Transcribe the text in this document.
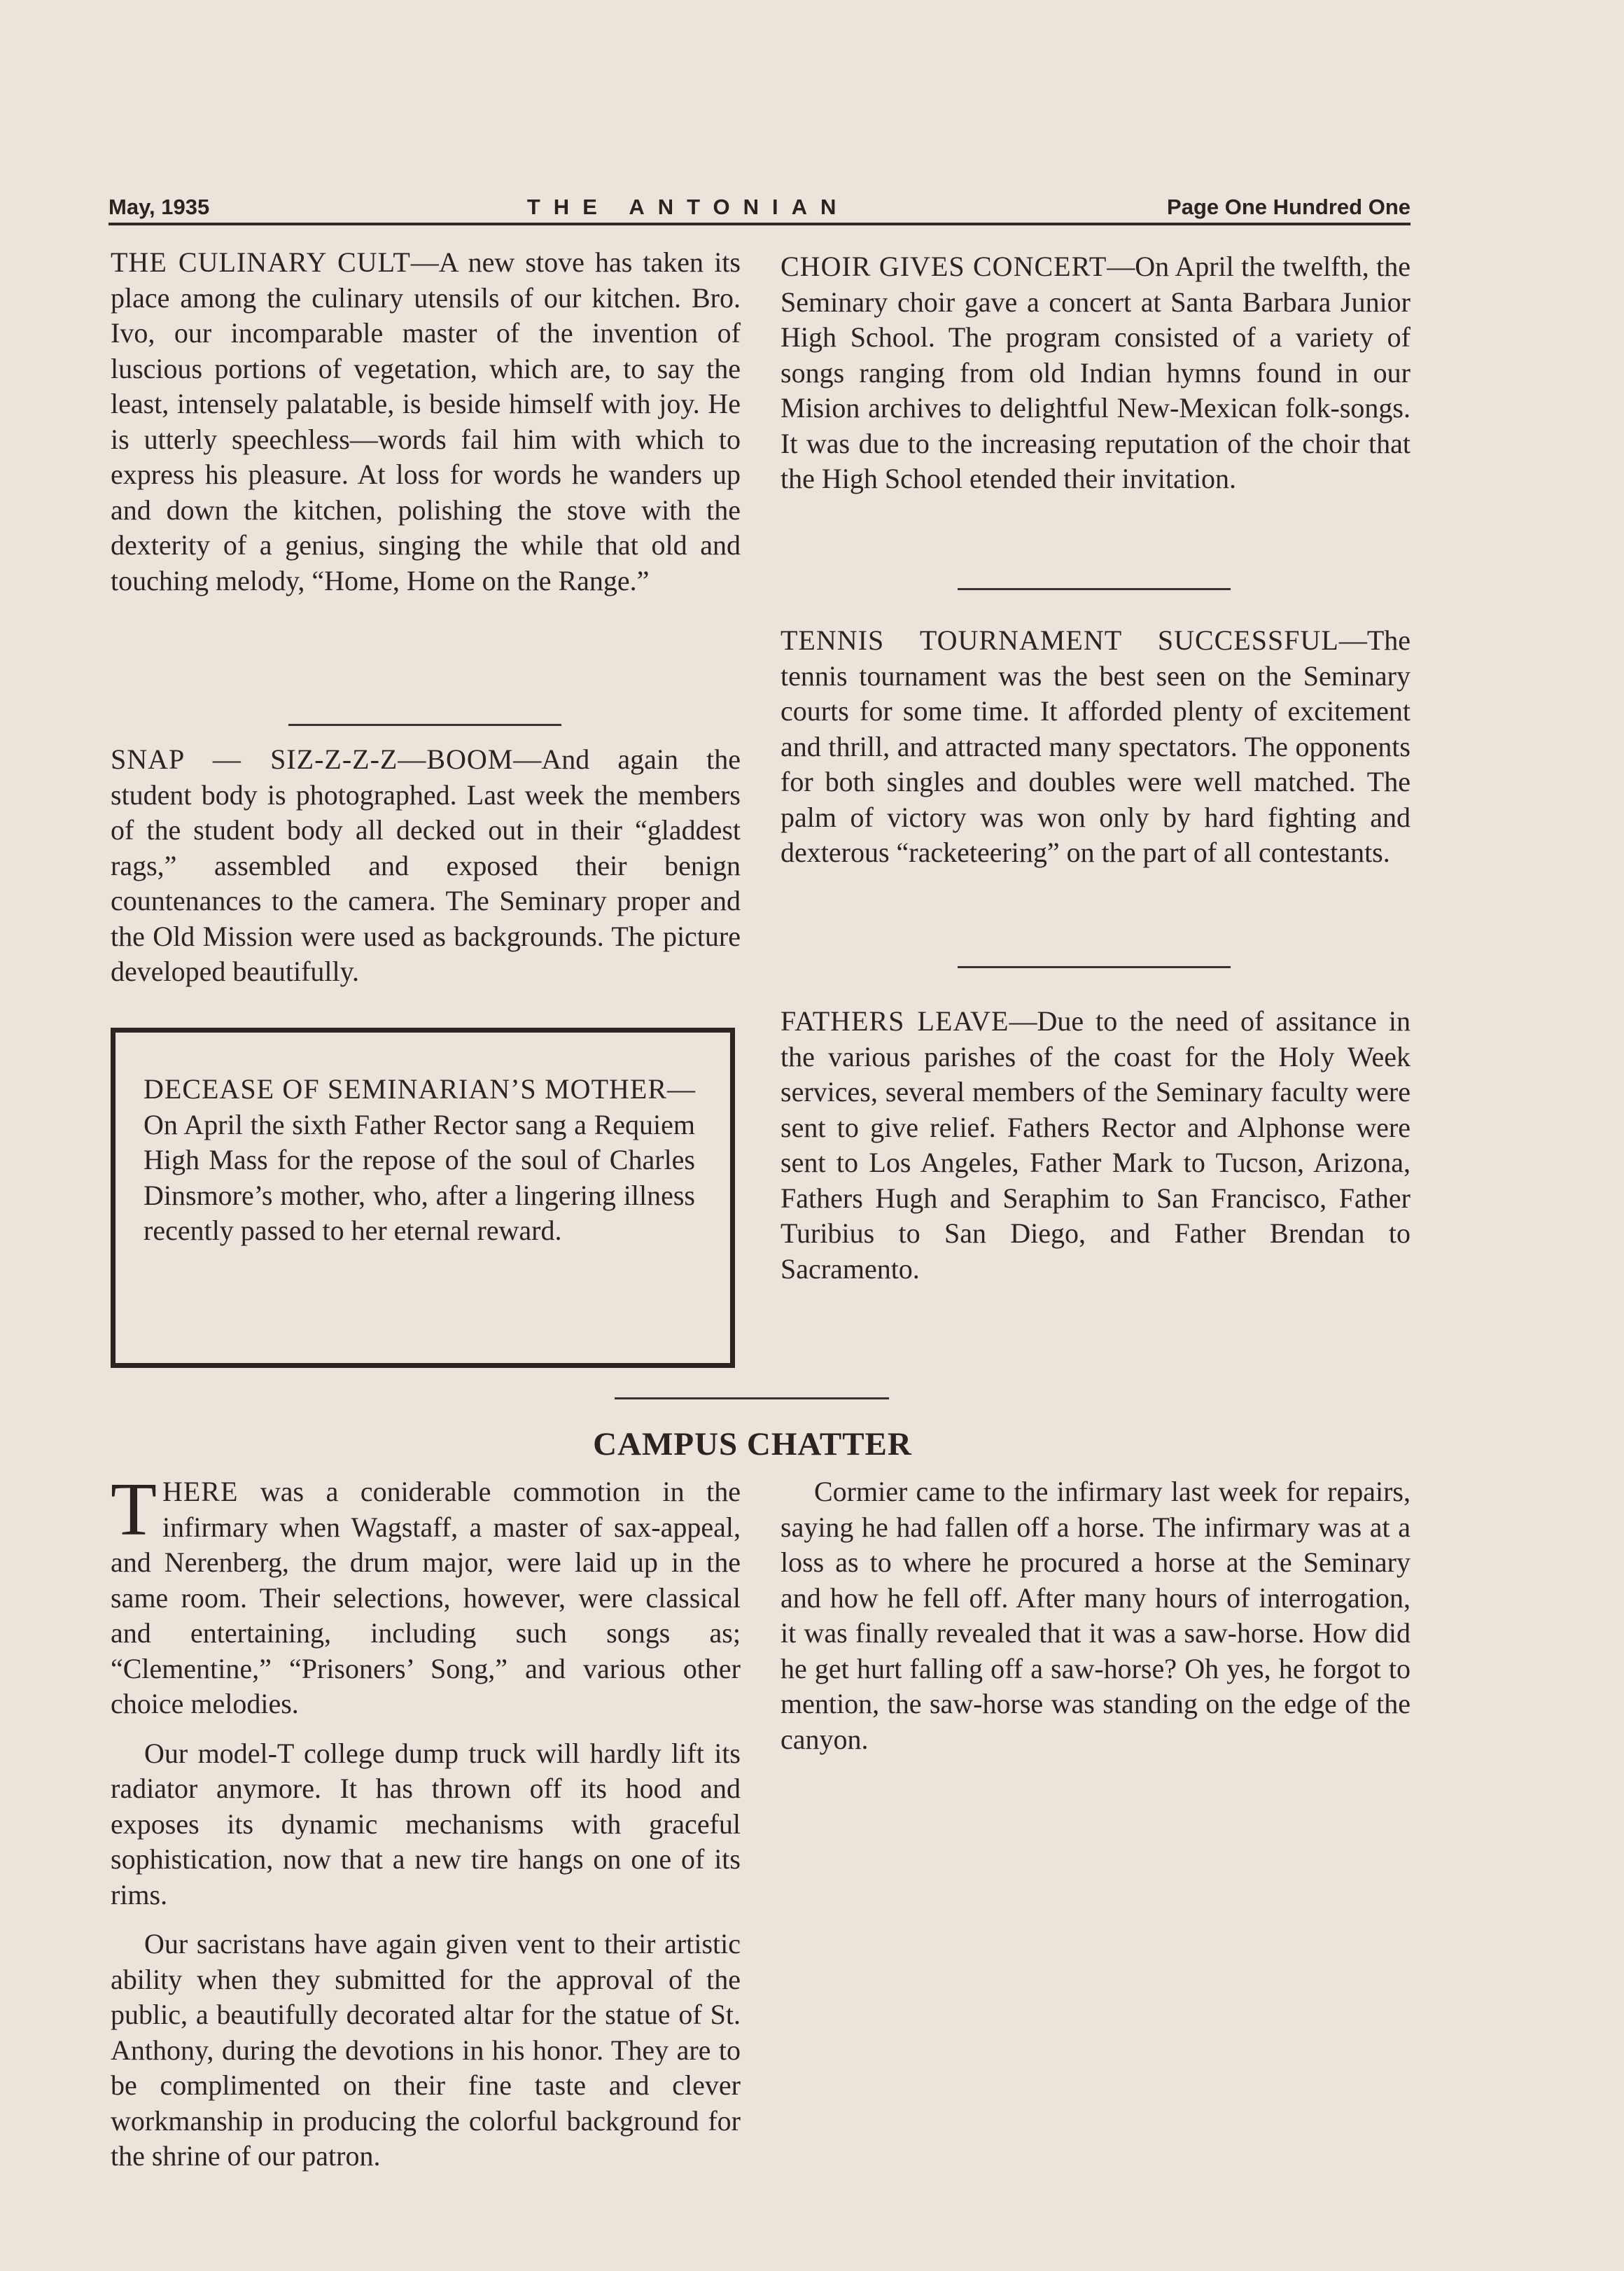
May, 1935	THE ANTONIAN	Page One Hundred One

THE CULINARY CULT—A new stove has taken its place among the culinary utensils of our kitchen. Bro. Ivo, our incomparable master of the invention of luscious portions of vegetation, which are, to say the least, intensely palatable, is beside himself with joy. He is utterly speechless—words fail him with which to express his pleasure. At loss for words he wanders up and down the kitchen, polishing the stove with the dexterity of a genius, singing the while that old and touching melody, “Home, Home on the Range.”

SNAP — SIZ-Z-Z-Z—BOOM—And again the student body is photographed. Last week the members of the student body all decked out in their “gladdest rags,” assembled and exposed their benign countenances to the camera. The Seminary proper and the Old Mission were used as backgrounds. The picture developed beautifully.

DECEASE OF SEMINARIAN’S MOTHER—On April the sixth Father Rector sang a Requiem High Mass for the repose of the soul of Charles Dinsmore’s mother, who, after a lingering illness recently passed to her eternal reward.

CHOIR GIVES CONCERT—On April the twelfth, the Seminary choir gave a concert at Santa Barbara Junior High School. The program consisted of a variety of songs ranging from old Indian hymns found in our Mision archives to delightful New-Mexican folk-songs. It was due to the increasing reputation of the choir that the High School etended their invitation.

TENNIS TOURNAMENT SUCCESSFUL—The tennis tournament was the best seen on the Seminary courts for some time. It afforded plenty of excitement and thrill, and attracted many spectators. The opponents for both singles and doubles were well matched. The palm of victory was won only by hard fighting and dexterous “racketeering” on the part of all contestants.

FATHERS LEAVE—Due to the need of assitance in the various parishes of the coast for the Holy Week services, several members of the Seminary faculty were sent to give relief. Fathers Rector and Alphonse were sent to Los Angeles, Father Mark to Tucson, Arizona, Fathers Hugh and Seraphim to San Francisco, Father Turibius to San Diego, and Father Brendan to Sacramento.

CAMPUS CHATTER

THERE was a coniderable commotion in the infirmary when Wagstaff, a master of sax-appeal, and Nerenberg, the drum major, were laid up in the same room. Their selections, however, were classical and entertaining, including such songs as; “Clementine,” “Prisoners’ Song,” and various other choice melodies.

Our model-T college dump truck will hardly lift its radiator anymore. It has thrown off its hood and exposes its dynamic mechanisms with graceful sophistication, now that a new tire hangs on one of its rims.

Our sacristans have again given vent to their artistic ability when they submitted for the approval of the public, a beautifully decorated altar for the statue of St. Anthony, during the devotions in his honor. They are to be complimented on their fine taste and clever workmanship in producing the colorful background for the shrine of our patron.

Cormier came to the infirmary last week for repairs, saying he had fallen off a horse. The infirmary was at a loss as to where he procured a horse at the Seminary and how he fell off. After many hours of interrogation, it was finally revealed that it was a saw-horse. How did he get hurt falling off a saw-horse? Oh yes, he forgot to mention, the saw-horse was standing on the edge of the canyon.
